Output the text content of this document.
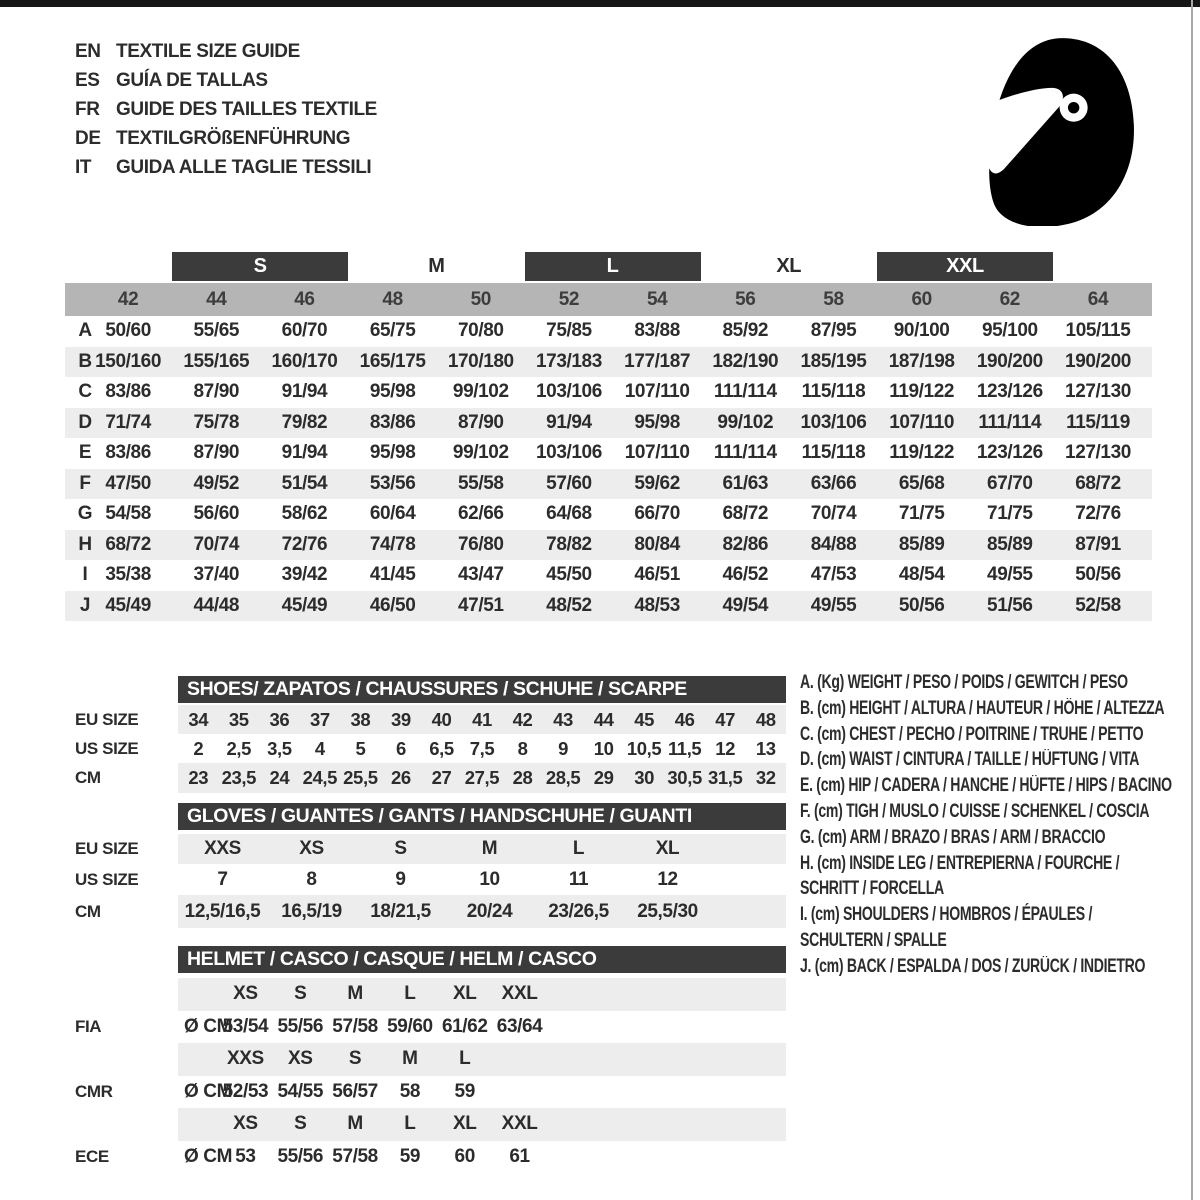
EN TEXTILE SIZE GUIDE
ES GUÍA DE TALLAS
FR GUIDE DES TAILLES TEXTILE
DE TEXTILGRÖßENFÜHRUNG
IT	GUIDA ALLE TAGLIE TESSILI
S	M	L	XL	XXL
42	44	46	48	50	52	54	56	58	60	62	64
A 50/60	55/65	60/70	65/75	70/80	75/85	83/88	85/92	87/95	90/100	95/100	105/115
B 150/160	155/165	160/170	165/175	170/180	173/183	177/187	182/190	185/195	187/198	190/200	190/200
C 83/86	87/90	91/94	95/98	99/102	103/106	107/110	111/114	115/118	119/122	123/126	127/130
D 71/74	75/78	79/82	83/86	87/90	91/94	95/98	99/102	103/106	107/110	111/114	115/119
E 83/86	87/90	91/94	95/98	99/102	103/106	107/110	111/114	115/118	119/122	123/126	127/130
F 47/50	49/52	51/54	53/56	55/58	57/60	59/62	61/63	63/66	65/68	67/70	68/72
G 54/58	56/60	58/62	60/64	62/66	64/68	66/70	68/72	70/74	71/75	71/75	72/76
H 68/72	70/74	72/76	74/78	76/80	78/82	80/84	82/86	84/88	85/89	85/89	87/91
I 35/38	37/40	39/42	41/45	43/47	45/50	46/51	46/52	47/53	48/54	49/55	50/56
J 45/49	44/48	45/49	46/50	47/51	48/52	48/53	49/54	49/55	50/56	51/56	52/58
SHOES/ ZAPATOS / CHAUSSURES / SCHUHE / SCARPE
EU SIZE
US SIZE
CM
34	35	36	37	38	39	40	41	42	43	44	45	46	47	48
2	2,5 3,5	4	5	6	6,5 7,5	8	9	10 10,5 11,5 12	13
23 23,5 24 24,5 25,5 26	27 27,5 28 28,5 29	30 30,5 31,5 32
GLOVES / GUANTES / GANTS / HANDSCHUHE / GUANTI
EU SIZE
US SIZE
CM
XXS	XS	S	M	L	XL
7	8	9	10	11	12
12,5/16,5	16,5/19	18/21,5	20/24	23/26,5	25,5/30
HELMET / CASCO / CASQUE / HELM / CASCO
XS	S	M	L	XL	XXL
FIA	Ø CM
53/54 55/56 57/58 59/60 61/62 63/64
XXS	XS	S	M	L
CMR	Ø CM
52/53 54/55 56/57	58	59
XS	S	M	L	XL	XXL
ECE	Ø CM 53	55/56 57/58	59	60	61
A. (Kg) WEIGHT / PESO / POIDS / GEWITCH / PESO
B. (cm) HEIGHT / ALTURA / HAUTEUR / HÖHE / ALTEZZA
C. (cm) CHEST / PECHO / POITRINE / TRUHE / PETTO
D. (cm) WAIST / CINTURA / TAILLE / HÜFTUNG / VITA
E. (cm) HIP / CADERA / HANCHE / HÜFTE / HIPS / BACINO
F. (cm) TIGH / MUSLO / CUISSE / SCHENKEL / COSCIA
G. (cm) ARM / BRAZO / BRAS / ARM / BRACCIO
H. (cm) INSIDE LEG / ENTREPIERNA / FOURCHE /
SCHRITT / FORCELLA
I. (cm) SHOULDERS / HOMBROS / ÉPAULES /
SCHULTERN / SPALLE
J. (cm) BACK / ESPALDA / DOS / ZURÜCK / INDIETRO
